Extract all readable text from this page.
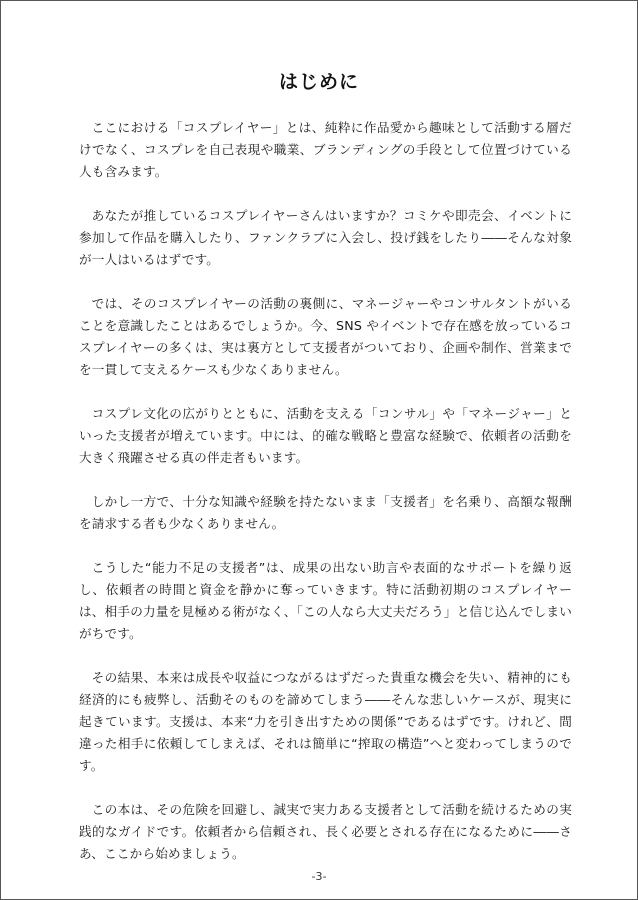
はじめに

ここにおける「コスプレイヤー」とは、純粋に作品愛から趣味として活動する層だけでなく、コスプレを自己表現や職業、ブランディングの手段として位置づけている人も含みます。

あなたが推しているコスプレイヤーさんはいますか？コミケや即売会、イベントに参加して作品を購入したり、ファンクラブに入会し、投げ銭をしたり――そんな対象が一人はいるはずです。

では、そのコスプレイヤーの活動の裏側に、マネージャーやコンサルタントがいることを意識したことはあるでしょうか。今、SNS やイベントで存在感を放っているコスプレイヤーの多くは、実は裏方として支援者がついており、企画や制作、営業までを一貫して支えるケースも少なくありません。

コスプレ文化の広がりとともに、活動を支える「コンサル」や「マネージャー」といった支援者が増えています。中には、的確な戦略と豊富な経験で、依頼者の活動を大きく飛躍させる真の伴走者もいます。

しかし一方で、十分な知識や経験を持たないまま「支援者」を名乗り、高額な報酬を請求する者も少なくありません。

こうした“能力不足の支援者”は、成果の出ない助言や表面的なサポートを繰り返し、依頼者の時間と資金を静かに奪っていきます。特に活動初期のコスプレイヤーは、相手の力量を見極める術がなく、「この人なら大丈夫だろう」と信じ込んでしまいがちです。

その結果、本来は成長や収益につながるはずだった貴重な機会を失い、精神的にも経済的にも疲弊し、活動そのものを諦めてしまう――そんな悲しいケースが、現実に起きています。支援は、本来“力を引き出すための関係”であるはずです。けれど、間違った相手に依頼してしまえば、それは簡単に“搾取の構造”へと変わってしまうのです。

この本は、その危険を回避し、誠実で実力ある支援者として活動を続けるための実践的なガイドです。依頼者から信頼され、長く必要とされる存在になるために――さあ、ここから始めましょう。

-3-
